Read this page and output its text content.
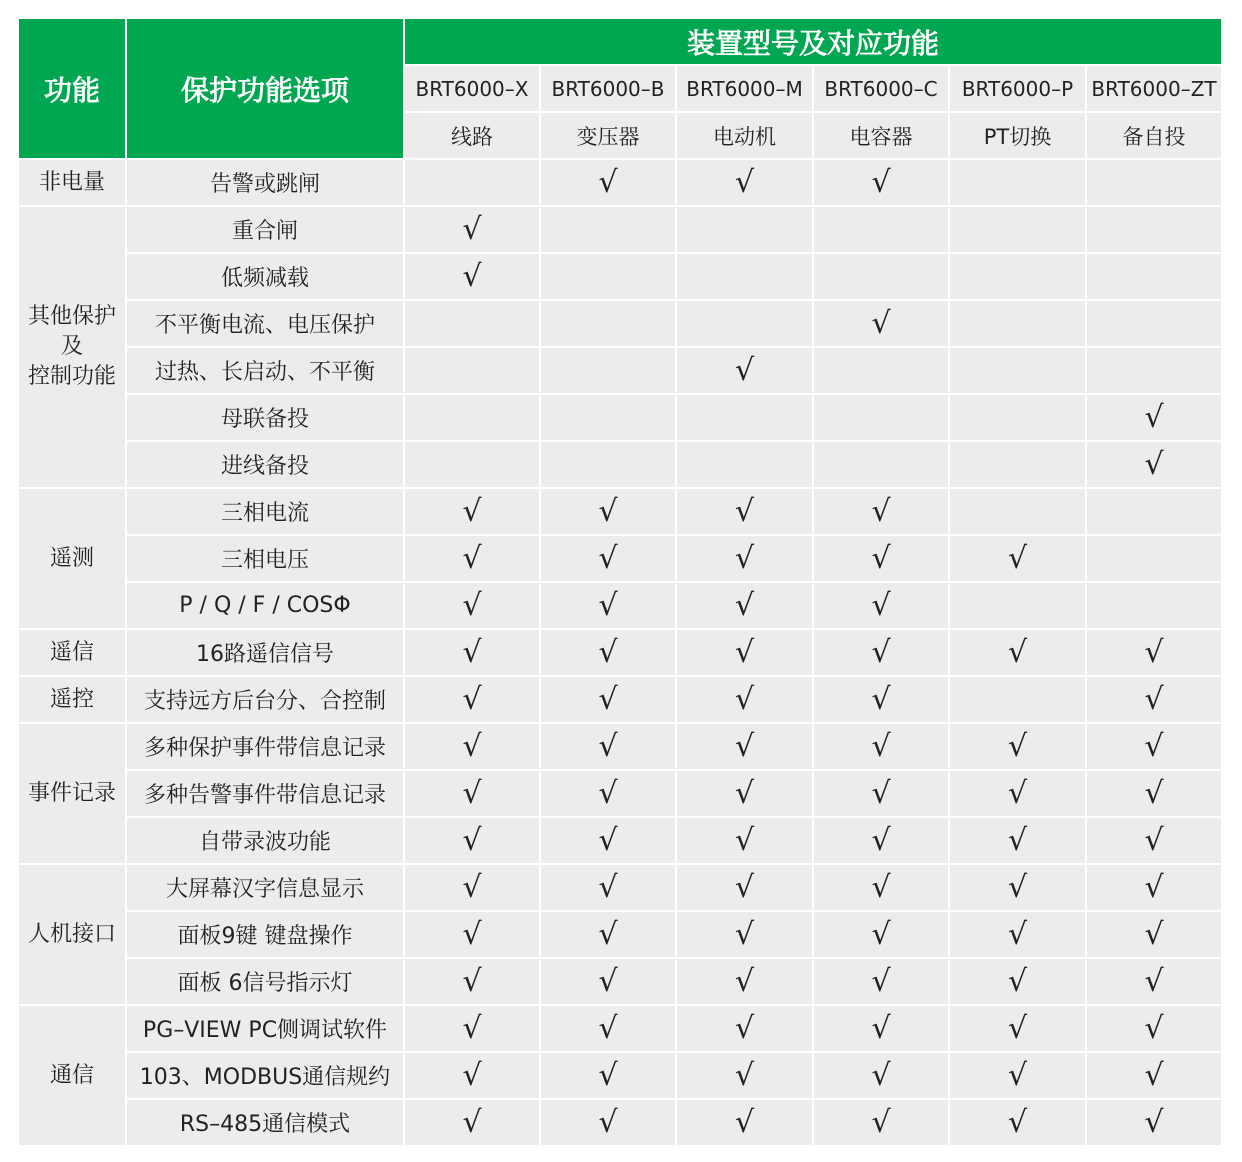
功能	保护功能选项	装置型号及对应功能					
		BRT6000–X	BRT6000–B	BRT6000–M	BRT6000–C	BRT6000–P	BRT6000–ZT
		线路	变压器	电动机	电容器	PT切换	备自投

非电量	告警或跳闸		√	√	√		

其他保护
及
控制功能	重合闸	√					
	低频减载	√					
	不平衡电流、电压保护				√		
	过热、长启动、不平衡			√			
	母联备投						√
	进线备投						√

遥测	三相电流	√	√	√	√		
	三相电压	√	√	√	√	√	
	P / Q / F / COSΦ	√	√	√	√		

遥信	16路遥信信号	√	√	√	√	√	√

遥控	支持远方后台分、合控制	√	√	√	√		√

事件记录	多种保护事件带信息记录	√	√	√	√	√	√
	多种告警事件带信息记录	√	√	√	√	√	√
	自带录波功能	√	√	√	√	√	√

人机接口	大屏幕汉字信息显示	√	√	√	√	√	√
	面板9键 键盘操作	√	√	√	√	√	√
	面板 6信号指示灯	√	√	√	√	√	√

通信	PG–VIEW PC侧调试软件	√	√	√	√	√	√
	103、MODBUS通信规约	√	√	√	√	√	√
	RS–485通信模式	√	√	√	√	√	√
